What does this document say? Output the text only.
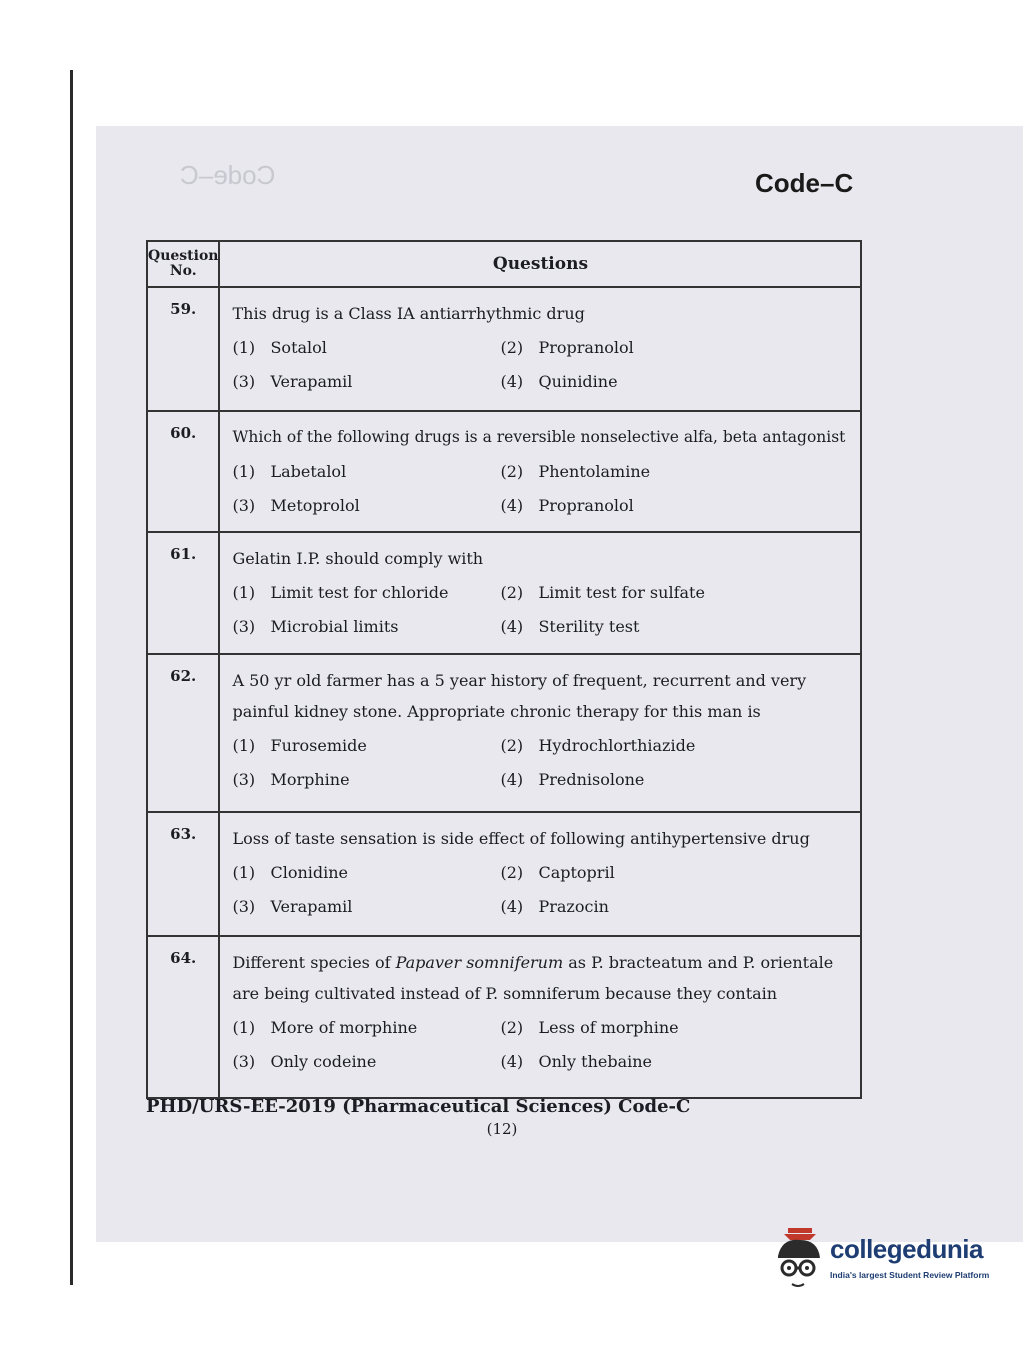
Code–C	Code–C
Question No.	Questions
59.	This drug is a Class IA antiarrhythmic drug
(1) Sotalol (2) Propranolol
(3) Verapamil (4) Quinidine

60.	Which of the following drugs is a reversible nonselective alfa, beta antagonist
(1) Labetalol (2) Phentolamine
(3) Metoprolol (4) Propranolol

61.	Gelatin I.P. should comply with
(1) Limit test for chloride (2) Limit test for sulfate
(3) Microbial limits (4) Sterility test

62.	A 50 yr old farmer has a 5 year history of frequent, recurrent and very painful kidney stone. Appropriate chronic therapy for this man is
(1) Furosemide (2) Hydrochlorthiazide
(3) Morphine (4) Prednisolone

63.	Loss of taste sensation is side effect of following antihypertensive drug
(1) Clonidine (2) Captopril
(3) Verapamil (4) Prazocin

64.	Different species of Papaver somniferum as P. bracteatum and P. orientale are being cultivated instead of P. somniferum because they contain
(1) More of morphine (2) Less of morphine
(3) Only codeine (4) Only thebaine
PHD/URS-EE-2019 (Pharmaceutical Sciences) Code-C
(12)
collegedunia
India's largest Student Review Platform
